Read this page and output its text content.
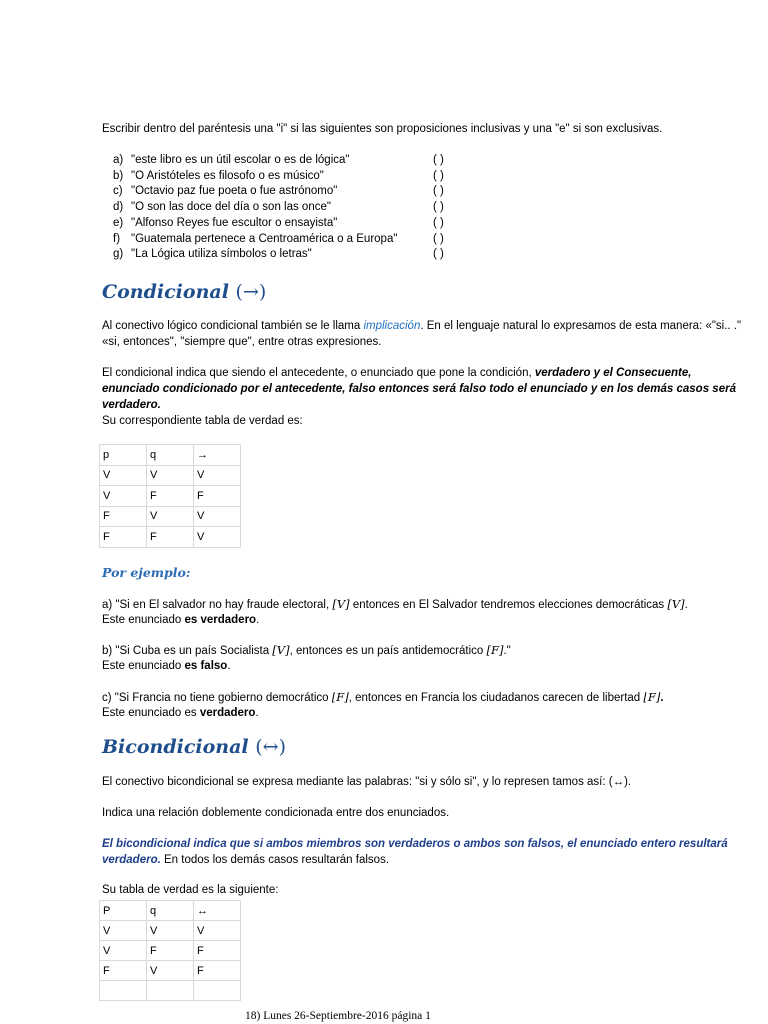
Escribir dentro del paréntesis una "i" si las siguientes son proposiciones inclusivas y una "e" si son exclusivas.
a) "este libro es un útil escolar o es de lógica"	( )
b) "O Aristóteles es filosofo o es músico"	( )
c) "Octavio paz fue poeta o fue astrónomo"	( )
d) "O son las doce del día o son las once"	( )
e) "Alfonso Reyes fue escultor o ensayista"	( )
f) "Guatemala pertenece a Centroamérica o a Europa"	( )
g) "La Lógica utiliza símbolos o letras"	( )
Condicional (→)
Al conectivo lógico condicional también se le llama implicación. En el lenguaje natural lo expresamos de esta manera: «"si.. ." «si, entonces", "siempre que", entre otras expresiones.
El condicional indica que siendo el antecedente, o enunciado que pone la condición, verdadero y el Consecuente, enunciado condicionado por el antecedente, falso entonces será falso todo el enunciado y en los demás casos será verdadero.
Su correspondiente tabla de verdad es:
p	q	→
V	V	V
V	F	F
F	V	V
F	F	V
Por ejemplo:
a) "Si en El salvador no hay fraude electoral, [V] entonces en El Salvador tendremos elecciones democráticas [V].
Este enunciado es verdadero.
b) "Si Cuba es un país Socialista [V], entonces es un país antidemocrático [F]."
Este enunciado es falso.
c) "Si Francia no tiene gobierno democrático ⌊F⌋, entonces en Francia los ciudadanos carecen de libertad ⌊F⌋.
Este enunciado es verdadero.
Bicondicional (↔)
El conectivo bicondicional se expresa mediante las palabras: "si y sólo si", y lo represen tamos así: (↔).
Indica una relación doblemente condicionada entre dos enunciados.
El bicondicional indica que si ambos miembros son verdaderos o ambos son falsos, el enunciado entero resultará verdadero. En todos los demás casos resultarán falsos.
Su tabla de verdad es la siguiente:
P	q	↔
V	V	V
V	F	F
F	V	F

18) Lunes 26-Septiembre-2016 página 1
